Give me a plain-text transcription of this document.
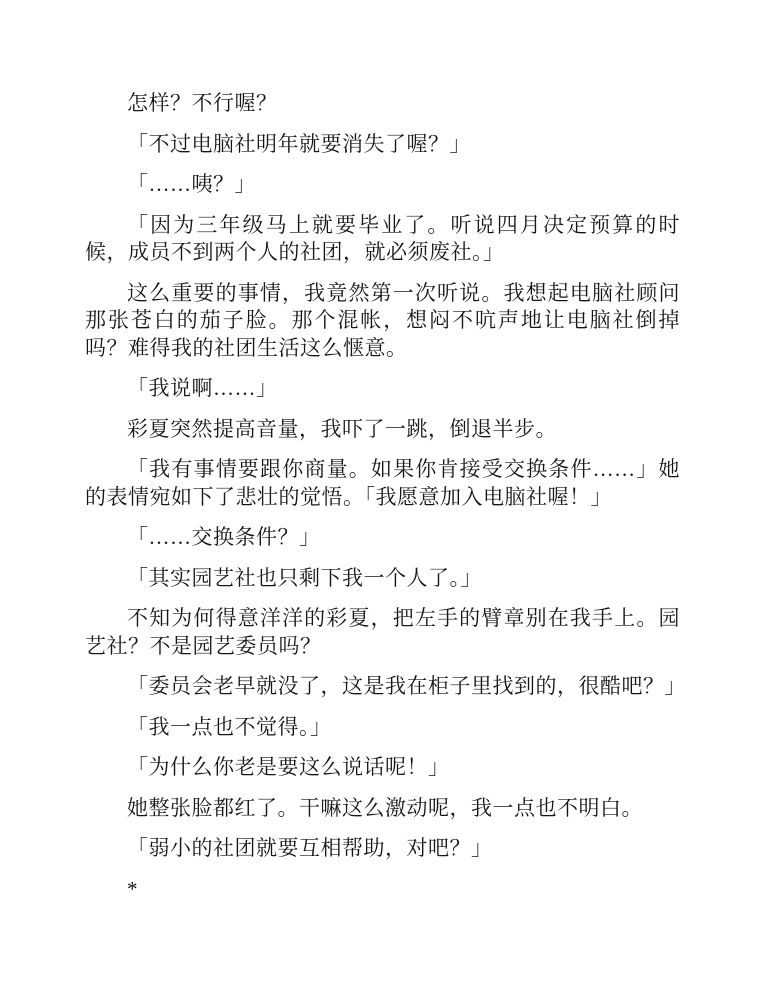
怎样？不行喔？

「不过电脑社明年就要消失了喔？」

「……咦？」

「因为三年级马上就要毕业了。听说四月决定预算的时候，成员不到两个人的社团，就必须废社。」

这么重要的事情，我竟然第一次听说。我想起电脑社顾问那张苍白的茄子脸。那个混帐，想闷不吭声地让电脑社倒掉吗？难得我的社团生活这么惬意。

「我说啊……」

彩夏突然提高音量，我吓了一跳，倒退半步。

「我有事情要跟你商量。如果你肯接受交换条件……」她的表情宛如下了悲壮的觉悟。「我愿意加入电脑社喔！」

「……交换条件？」

「其实园艺社也只剩下我一个人了。」

不知为何得意洋洋的彩夏，把左手的臂章别在我手上。园艺社？不是园艺委员吗？

「委员会老早就没了，这是我在柜子里找到的，很酷吧？」

「我一点也不觉得。」

「为什么你老是要这么说话呢！」

她整张脸都红了。干嘛这么激动呢，我一点也不明白。

「弱小的社团就要互相帮助，对吧？」

*
